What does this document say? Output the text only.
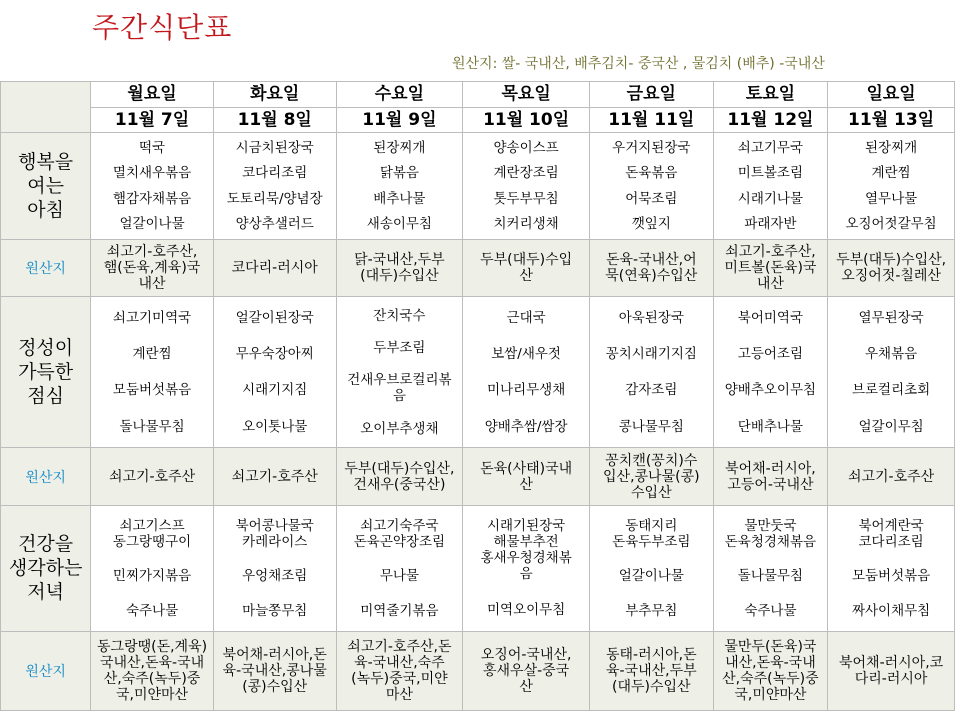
주간식단표
원산지: 쌀- 국내산, 배추김치- 중국산 , 물김치 (배추) -국내산
	월요일	화요일	수요일	목요일	금요일	토요일	일요일
	11월 7일	11월 8일	11월 9일	11월 10일	11월 11일	11월 12일	11월 13일
행복을
여는
아침	떡국
멸치새우볶음
햄감자채볶음
얼갈이나물	시금치된장국
코다리조림
도토리묵/양념장
양상추샐러드	된장찌개
닭볶음
배추나물
새송이무침	양송이스프
계란장조림
톳두부무침
치커리생채	우거지된장국
돈육볶음
어묵조림
깻잎지	쇠고기무국
미트볼조림
시래기나물
파래자반	된장찌개
계란찜
열무나물
오징어젓갈무침

원산지	쇠고기-호주산,
햄(돈육,계육)국
내산	코다리-러시아	닭-국내산,두부
(대두)수입산	두부(대두)수입
산	돈육-국내산,어
묵(연육)수입산	쇠고기-호주산,
미트볼(돈육)국
내산	두부(대두)수입산,
오징어젓-칠레산
정성이
가득한
점심	쇠고기미역국
계란찜
모둠버섯볶음
돌나물무침	얼갈이된장국
무우숙장아찌
시래기지짐
오이톳나물	잔치국수
두부조림
건새우브로컬리볶
음
오이부추생채	근대국
보쌈/새우젓
미나리무생채
양배추쌈/쌈장	아욱된장국
꽁치시래기지짐
감자조림
콩나물무침	북어미역국
고등어조림
양배추오이무침
단배추나물	열무된장국
우채볶음
브로컬리초회
얼갈이무침

원산지	쇠고기-호주산	쇠고기-호주산	두부(대두)수입산,
건새우(중국산)	돈육(사태)국내
산	꽁치캔(꽁치)수
입산,콩나물(콩)
수입산	북어채-러시아,
고등어-국내산	쇠고기-호주산
건강을
생각하는
저녁	쇠고기스프
동그랑땡구이
민찌가지볶음
숙주나물	북어콩나물국
카레라이스
우엉채조림
마늘쫑무침	쇠고기숙주국
돈육곤약장조림
무나물
미역줄기볶음	시래기된장국
해물부추전
홍새우청경채볶
음
미역오이무침	동태지리
돈육두부조림
얼갈이나물
부추무침	물만둣국
돈육청경채볶음
돌나물무침
숙주나물	북어계란국
코다리조림
모둠버섯볶음
짜사이채무침

원산지	동그랑땡(돈,계육)
국내산,돈육-국내
산,숙주(녹두)중
국,미얀마산	북어채-러시아,돈
육-국내산,콩나물
(콩)수입산	쇠고기-호주산,돈
육-국내산,숙주
(녹두)중국,미얀
마산	오징어-국내산,
홍새우살-중국
산	동태-러시아,돈
육-국내산,두부
(대두)수입산	물만두(돈육)국
내산,돈육-국내
산,숙주(녹두)중
국,미얀마산	북어채-러시아,코
다리-러시아
